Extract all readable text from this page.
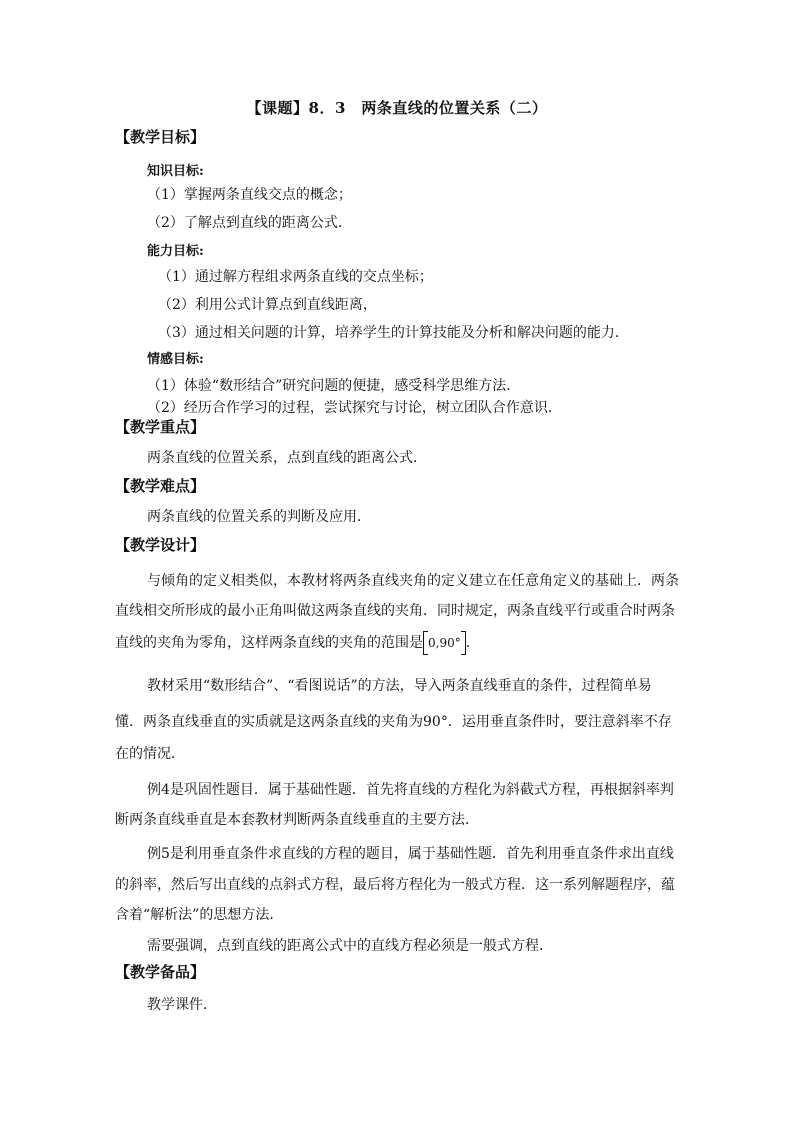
【课题】8．3　两条直线的位置关系（二）
【教学目标】
知识目标:
（1）掌握两条直线交点的概念；
（2）了解点到直线的距离公式．
能力目标:
（1）通过解方程组求两条直线的交点坐标；
（2）利用公式计算点到直线距离，
（3）通过相关问题的计算，培养学生的计算技能及分析和解决问题的能力．
情感目标:
（1）体验“数形结合”研究问题的便捷，感受科学思维方法．
（2）经历合作学习的过程，尝试探究与讨论，树立团队合作意识．
【教学重点】
两条直线的位置关系，点到直线的距离公式．
【教学难点】
两条直线的位置关系的判断及应用．
【教学设计】
与倾角的定义相类似，本教材将两条直线夹角的定义建立在任意角定义的基础上．两条
直线相交所形成的最小正角叫做这两条直线的夹角．同时规定，两条直线平行或重合时两条
直线的夹角为零角，这样两条直线的夹角的范围是 0,90° ．
教材采用“数形结合”、“看图说话”的方法，导入两条直线垂直的条件，过程简单易
懂．两条直线垂直的实质就是这两条直线的夹角为90°．运用垂直条件时，要注意斜率不存
在的情况．
例4是巩固性题目．属于基础性题．首先将直线的方程化为斜截式方程，再根据斜率判
断两条直线垂直是本套教材判断两条直线垂直的主要方法．
例5是利用垂直条件求直线的方程的题目，属于基础性题．首先利用垂直条件求出直线
的斜率，然后写出直线的点斜式方程，最后将方程化为一般式方程．这一系列解题程序，蕴
含着“解析法”的思想方法．
需要强调，点到直线的距离公式中的直线方程必须是一般式方程．
【教学备品】
教学课件．
